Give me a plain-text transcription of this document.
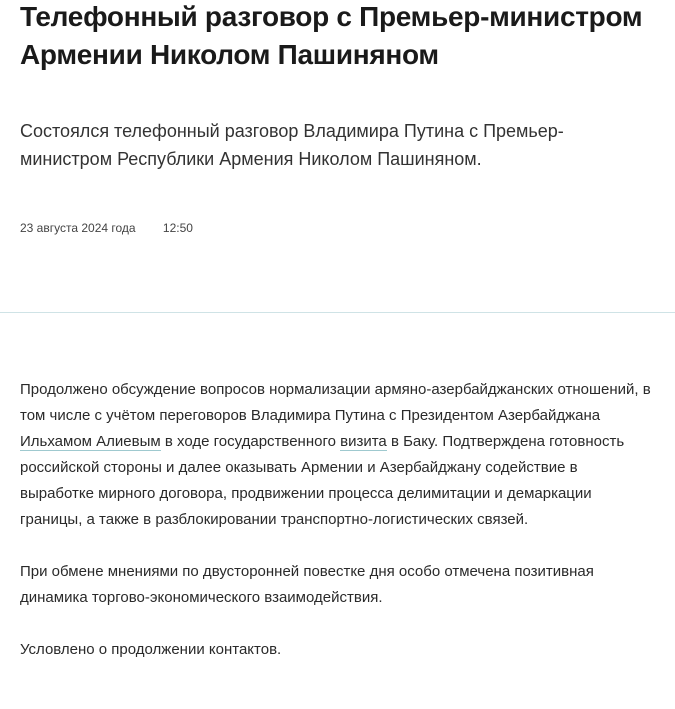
Телефонный разговор с Премьер-министром Армении Николом Пашиняном

Состоялся телефонный разговор Владимира Путина с Премьер-министром Республики Армения Николом Пашиняном.

23 августа 2024 года 12:50

Продолжено обсуждение вопросов нормализации армяно-азербайджанских отношений, в том числе с учётом переговоров Владимира Путина с Президентом Азербайджана Ильхамом Алиевым в ходе государственного визита в Баку. Подтверждена готовность российской стороны и далее оказывать Армении и Азербайджану содействие в выработке мирного договора, продвижении процесса делимитации и демаркации границы, а также в разблокировании транспортно-логистических связей.

При обмене мнениями по двусторонней повестке дня особо отмечена позитивная динамика торгово-экономического взаимодействия.

Условлено о продолжении контактов.
